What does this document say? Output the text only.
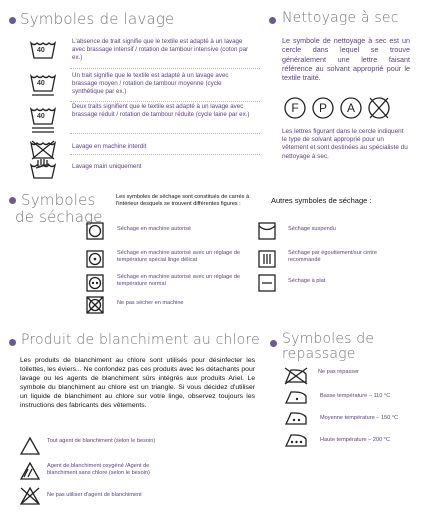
Symboles de lavage
40
L'absence de trait signifie que le textile est adapté à un lavage avec brassage intensif / rotation de tambour intensive (coton par ex.)
40
Un trait signifie que le textile est adapté à un lavage avec brassage moyen / rotation de tambour moyenne (cycle synthétique par ex.)
40
Deux traits signifient que le textile est adapté à un lavage avec brassage réduit / rotation de tambour réduite (cycle laine par ex.)
Lavage en machine interdit
Lavage main uniquement
Nettoyage à sec
Le symbole de nettoyage à sec est un cercle dans lequel se trouve généralement une lettre faisant référence au solvant approprié pour le textile traité.
F	P	A
Les lettres figurant dans le cercle indiquent le type de solvant approprié pour un vêtement et sont destinées au spécialiste du nettoyage à sec.
Symboles
de séchage
Les symboles de séchage sont constitués de carrés à l'intérieur desquels se trouvent différentes figures :
Séchage en machine autorisé
Séchage en machine autorisé avec un réglage de température spécial linge délicat
Séchage en machine autorisé avec un réglage de température normal
Ne pas sécher en machine
Autres symboles de séchage :
Séchage suspendu
Séchage par égouttement/sur cintre recommandé
Séchage à plat
Produit de blanchiment au chlore
Les produits de blanchiment au chlore sont utilisés pour désinfecter les toilettes, les éviers... Ne confondez pas ces produits avec les détachants pour lavage ou les agents de blanchiment sûrs intégrés aux produits Ariel. Le symbole du blanchiment au chlore est un triangle. Si vous décidez d'utiliser un liquide de blanchiment au chlore sur votre linge, observez toujours les instructions des fabricants des vêtements.
Tout agent de blanchiment (selon le besoin)
Agent de blanchiment oxygéné /Agent de blanchiment sans chlore (selon le besoin)
Ne pas utiliser d'agent de blanchiment
Symboles de
repassage
Ne pas repasser
Basse température – 110 °C
Moyenne température – 150 °C
Haute température – 200 °C
